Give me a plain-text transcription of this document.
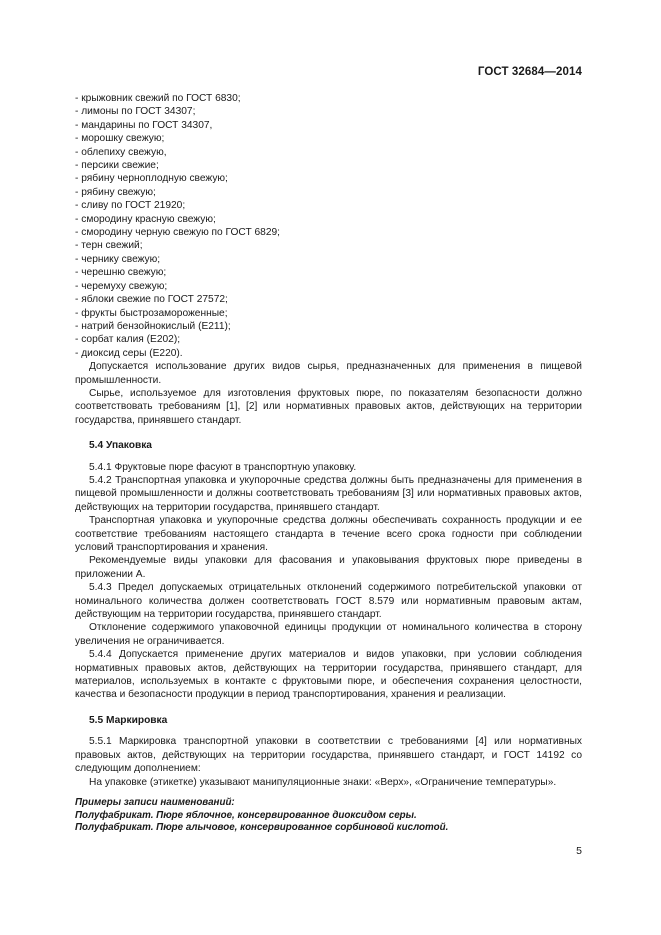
ГОСТ 32684—2014
- крыжовник свежий по ГОСТ 6830;
- лимоны по ГОСТ 34307;
- мандарины по ГОСТ 34307,
- морошку свежую;
- облепиху свежую,
- персики свежие;
- рябину черноплодную свежую;
- рябину свежую;
- сливу по ГОСТ 21920;
- смородину красную свежую;
- смородину черную свежую по ГОСТ 6829;
- терн свежий;
- чернику свежую;
- черешню свежую;
- черемуху свежую;
- яблоки свежие по ГОСТ 27572;
- фрукты быстрозамороженные;
- натрий бензойнокислый (Е211);
- сорбат калия (Е202);
- диоксид серы (Е220).

Допускается использование других видов сырья, предназначенных для применения в пищевой промышленности.

Сырье, используемое для изготовления фруктовых пюре, по показателям безопасности должно соответствовать требованиям [1], [2] или нормативных правовых актов, действующих на территории государства, принявшего стандарт.

5.4 Упаковка

5.4.1 Фруктовые пюре фасуют в транспортную упаковку.

5.4.2 Транспортная упаковка и укупорочные средства должны быть предназначены для применения в пищевой промышленности и должны соответствовать требованиям [3] или нормативных правовых актов, действующих на территории государства, принявшего стандарт.

Транспортная упаковка и укупорочные средства должны обеспечивать сохранность продукции и ее соответствие требованиям настоящего стандарта в течение всего срока годности при соблюдении условий транспортирования и хранения.

Рекомендуемые виды упаковки для фасования и упаковывания фруктовых пюре приведены в приложении А.

5.4.3 Предел допускаемых отрицательных отклонений содержимого потребительской упаковки от номинального количества должен соответствовать ГОСТ 8.579 или нормативным правовым актам, действующим на территории государства, принявшего стандарт.

Отклонение содержимого упаковочной единицы продукции от номинального количества в сторону увеличения не ограничивается.

5.4.4 Допускается применение других материалов и видов упаковки, при условии соблюдения нормативных правовых актов, действующих на территории государства, принявшего стандарт, для материалов, используемых в контакте с фруктовыми пюре, и обеспечения сохранения целостности, качества и безопасности продукции в период транспортирования, хранения и реализации.

5.5 Маркировка

5.5.1 Маркировка транспортной упаковки в соответствии с требованиями [4] или нормативных правовых актов, действующих на территории государства, принявшего стандарт, и ГОСТ 14192 со следующим дополнением:

На упаковке (этикетке) указывают манипуляционные знаки: «Верх», «Ограничение температуры».

Примеры записи наименований:

Полуфабрикат. Пюре яблочное, консервированное диоксидом серы.

Полуфабрикат. Пюре алычовое, консервированное сорбиновой кислотой.

5
